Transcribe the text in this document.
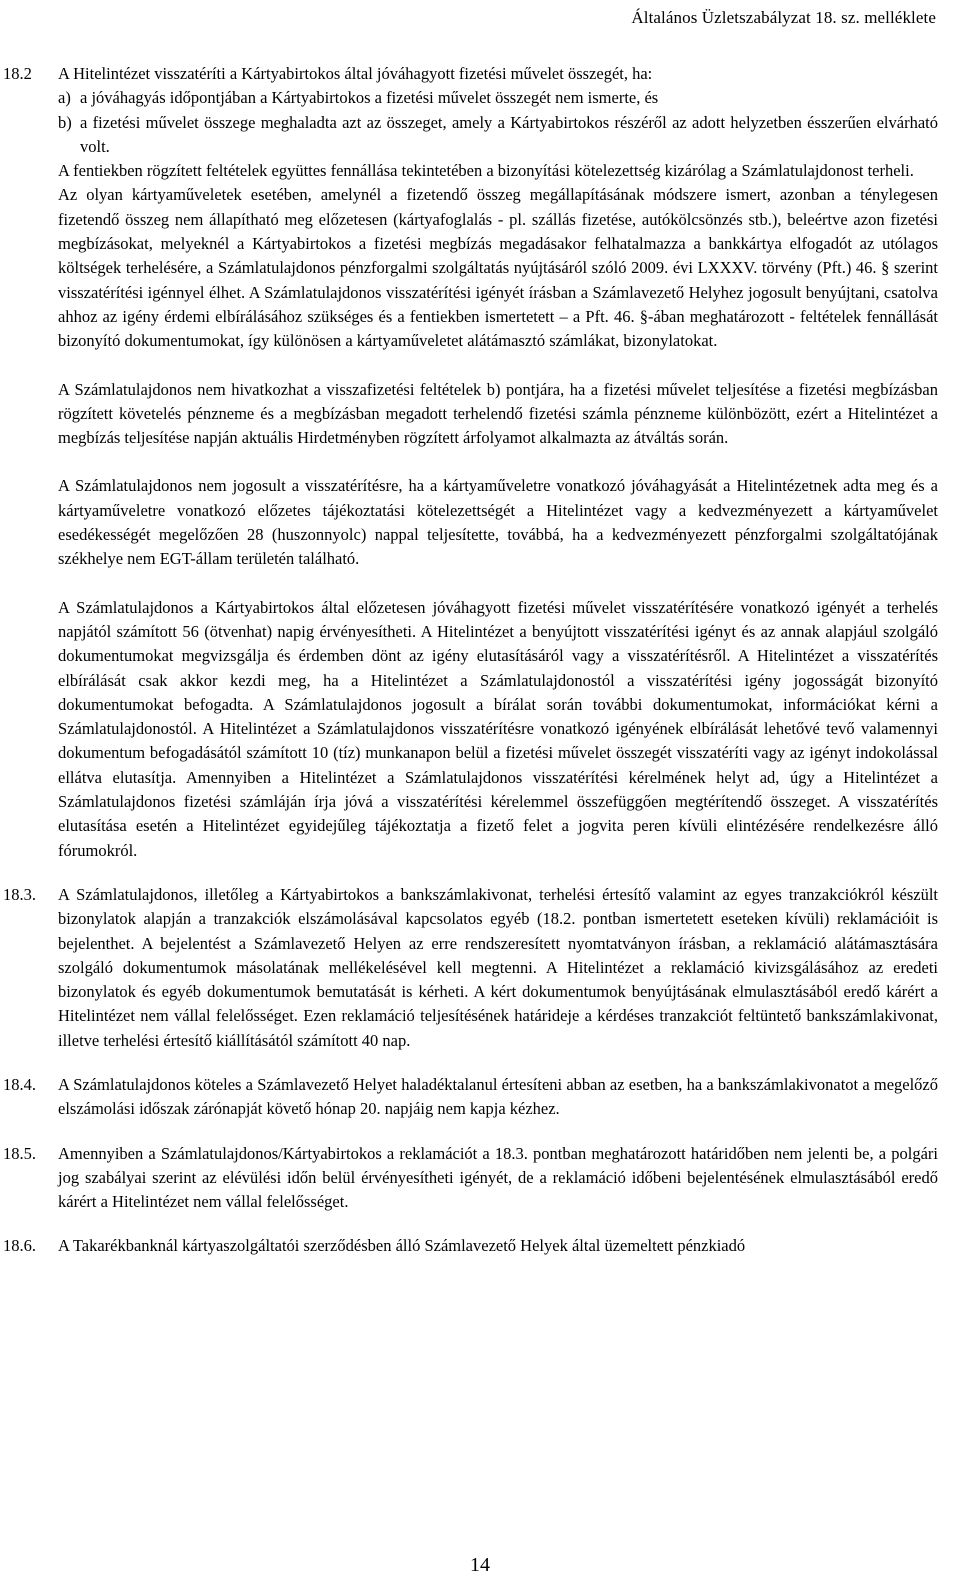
Általános Üzletszabályzat 18. sz. melléklete
18.2	A Hitelintézet visszatéríti a Kártyabirtokos által jóváhagyott fizetési művelet összegét, ha:

a) a jóváhagyás időpontjában a Kártyabirtokos a fizetési művelet összegét nem ismerte, és
b) a fizetési művelet összege meghaladta azt az összeget, amely a Kártyabirtokos részéről az adott helyzetben ésszerűen elvárható volt.

A fentiekben rögzített feltételek együttes fennállása tekintetében a bizonyítási kötelezettség kizárólag a Számlatulajdonost terheli.

Az olyan kártyaműveletek esetében, amelynél a fizetendő összeg megállapításának módszere ismert, azonban a ténylegesen fizetendő összeg nem állapítható meg előzetesen (kártyafoglalás - pl. szállás fizetése, autókölcsönzés stb.), beleértve azon fizetési megbízásokat, melyeknél a Kártyabirtokos a fizetési megbízás megadásakor felhatalmazza a bankkártya elfogadót az utólagos költségek terhelésére, a Számlatulajdonos pénzforgalmi szolgáltatás nyújtásáról szóló 2009. évi LXXXV. törvény (Pft.) 46. § szerint visszatérítési igénnyel élhet. A Számlatulajdonos visszatérítési igényét írásban a Számlavezető Helyhez jogosult benyújtani, csatolva ahhoz az igény érdemi elbírálásához szükséges és a fentiekben ismertetett – a Pft. 46. §-ában meghatározott - feltételek fennállását bizonyító dokumentumokat, így különösen a kártyaműveletet alátámasztó számlákat, bizonylatokat.

A Számlatulajdonos nem hivatkozhat a visszafizetési feltételek b) pontjára, ha a fizetési művelet teljesítése a fizetési megbízásban rögzített követelés pénzneme és a megbízásban megadott terhelendő fizetési számla pénzneme különbözött, ezért a Hitelintézet a megbízás teljesítése napján aktuális Hirdetményben rögzített árfolyamot alkalmazta az átváltás során.

A Számlatulajdonos nem jogosult a visszatérítésre, ha a kártyaműveletre vonatkozó jóváhagyását a Hitelintézetnek adta meg és a kártyaműveletre vonatkozó előzetes tájékoztatási kötelezettségét a Hitelintézet vagy a kedvezményezett a kártyaművelet esedékességét megelőzően 28 (huszonnyolc) nappal teljesítette, továbbá, ha a kedvezményezett pénzforgalmi szolgáltatójának székhelye nem EGT-állam területén található.

A Számlatulajdonos a Kártyabirtokos által előzetesen jóváhagyott fizetési művelet visszatérítésére vonatkozó igényét a terhelés napjától számított 56 (ötvenhat) napig érvényesítheti. A Hitelintézet a benyújtott visszatérítési igényt és az annak alapjául szolgáló dokumentumokat megvizsgálja és érdemben dönt az igény elutasításáról vagy a visszatérítésről. A Hitelintézet a visszatérítés elbírálását csak akkor kezdi meg, ha a Hitelintézet a Számlatulajdonostól a visszatérítési igény jogosságát bizonyító dokumentumokat befogadta. A Számlatulajdonos jogosult a bírálat során további dokumentumokat, információkat kérni a Számlatulajdonostól. A Hitelintézet a Számlatulajdonos visszatérítésre vonatkozó igényének elbírálását lehetővé tevő valamennyi dokumentum befogadásától számított 10 (tíz) munkanapon belül a fizetési művelet összegét visszatéríti vagy az igényt indokolással ellátva elutasítja. Amennyiben a Hitelintézet a Számlatulajdonos visszatérítési kérelmének helyt ad, úgy a Hitelintézet a Számlatulajdonos fizetési számláján írja jóvá a visszatérítési kérelemmel összefüggően megtérítendő összeget. A visszatérítés elutasítása esetén a Hitelintézet egyidejűleg tájékoztatja a fizető felet a jogvita peren kívüli elintézésére rendelkezésre álló fórumokról.

18.3.	A Számlatulajdonos, illetőleg a Kártyabirtokos a bankszámlakivonat, terhelési értesítő valamint az egyes tranzakciókról készült bizonylatok alapján a tranzakciók elszámolásával kapcsolatos egyéb (18.2. pontban ismertetett eseteken kívüli) reklamációit is bejelenthet. A bejelentést a Számlavezető Helyen az erre rendszeresített nyomtatványon írásban, a reklamáció alátámasztására szolgáló dokumentumok másolatának mellékelésével kell megtenni. A Hitelintézet a reklamáció kivizsgálásához az eredeti bizonylatok és egyéb dokumentumok bemutatását is kérheti. A kért dokumentumok benyújtásának elmulasztásából eredő kárért a Hitelintézet nem vállal felelősséget. Ezen reklamáció teljesítésének határideje a kérdéses tranzakciót feltüntető bankszámlakivonat, illetve terhelési értesítő kiállításától számított 40 nap.
18.4.	A Számlatulajdonos köteles a Számlavezető Helyet haladéktalanul értesíteni abban az esetben, ha a bankszámlakivonatot a megelőző elszámolási időszak zárónapját követő hónap 20. napjáig nem kapja kézhez.
18.5.	Amennyiben a Számlatulajdonos/Kártyabirtokos a reklamációt a 18.3. pontban meghatározott határidőben nem jelenti be, a polgári jog szabályai szerint az elévülési időn belül érvényesítheti igényét, de a reklamáció időbeni bejelentésének elmulasztásából eredő kárért a Hitelintézet nem vállal felelősséget.
18.6.	A Takarékbanknál kártyaszolgáltatói szerződésben álló Számlavezető Helyek által üzemeltett pénzkiadó
14
